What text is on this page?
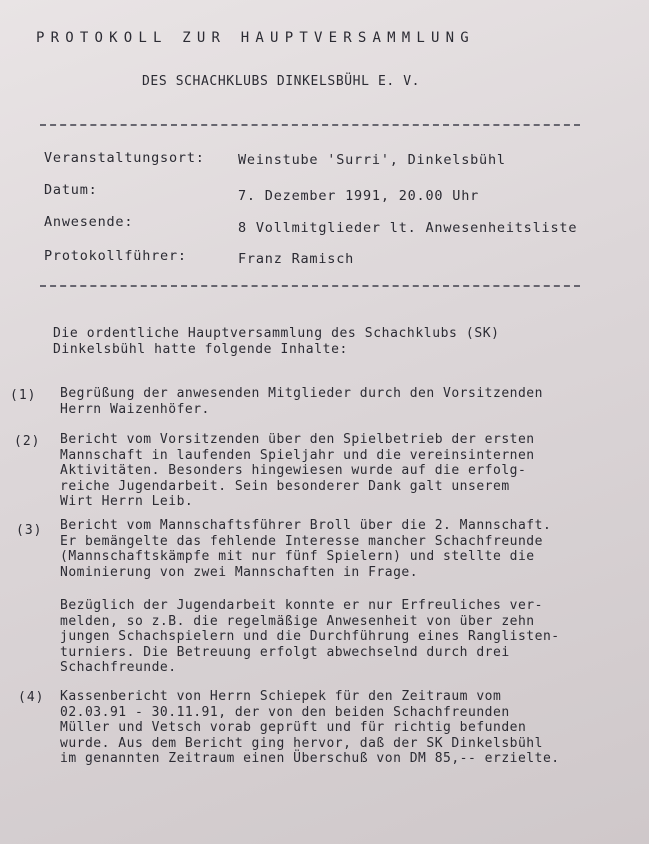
PROTOKOLL ZUR HAUPTVERSAMMLUNG
DES SCHACHKLUBS DINKELSBÜHL E. V.
Veranstaltungsort: Weinstube 'Surri', Dinkelsbühl
Datum:	7. Dezember 1991, 20.00 Uhr
Anwesende:	8 Vollmitglieder lt. Anwesenheitsliste
Protokollführer:	Franz Ramisch
Die ordentliche Hauptversammlung des Schachklubs (SK)
Dinkelsbühl hatte folgende Inhalte:
(1) Begrüßung der anwesenden Mitglieder durch den Vorsitzenden
Herrn Waizenhöfer.
(2) Bericht vom Vorsitzenden über den Spielbetrieb der ersten
Mannschaft in laufenden Spieljahr und die vereinsinternen
Aktivitäten. Besonders hingewiesen wurde auf die erfolg-
reiche Jugendarbeit. Sein besonderer Dank galt unserem
Wirt Herrn Leib.
(3) Bericht vom Mannschaftsführer Broll über die 2. Mannschaft.
Er bemängelte das fehlende Interesse mancher Schachfreunde
(Mannschaftskämpfe mit nur fünf Spielern) und stellte die
Nominierung von zwei Mannschaften in Frage.
Bezüglich der Jugendarbeit konnte er nur Erfreuliches ver-
melden, so z.B. die regelmäßige Anwesenheit von über zehn
jungen Schachspielern und die Durchführung eines Ranglisten-
turniers. Die Betreuung erfolgt abwechselnd durch drei
Schachfreunde.
(4) Kassenbericht von Herrn Schiepek für den Zeitraum vom
02.03.91 - 30.11.91, der von den beiden Schachfreunden
Müller und Vetsch vorab geprüft und für richtig befunden
wurde. Aus dem Bericht ging hervor, daß der SK Dinkelsbühl
im genannten Zeitraum einen Überschuß von DM 85,-- erzielte.
